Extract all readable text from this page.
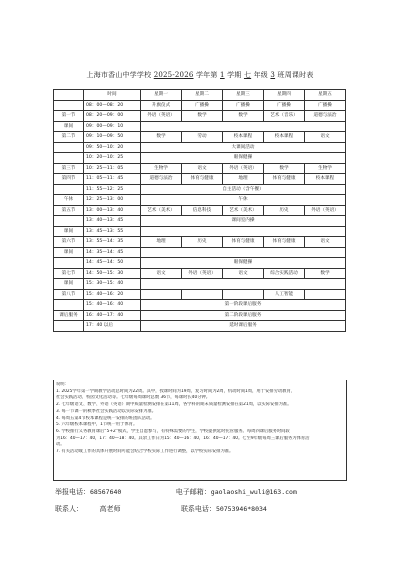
上海市香山中学学校 2025-2026 学年第 1 学期 七 年级 3 班周课时表
	时间	星期一	星期二	星期三	星期四	星期五
	08：00—08：20	升旗仪式	广播操	广播操	广播操	广播操
第一节	08：20—09：00	外语（英语）	数学	数学	艺术（音乐）	道德与法治
课间	09：00—09：10					
第二节	09：10—09：50	数学	劳动	校本课程	校本课程	语文
	09：50—10：20	大课间活动				
	10：20—10：25	眼保健操				
第三节	10：25—11：05	生物学	语文	外语（英语）	数学	生物学
第四节	11：05—11：45	道德与法治	体育与健康	地理	体育与健康	校本课程
	11：55—12：25	自主活动（含午餐）				
午休	12：25—13：00	午休				
第五节	13：00—13：40	艺术（美术）	信息科技	艺术（美术）	历史	外语（英语）
	13：40—13：45	课间室内操				
课间	13：45—13：55					
第六节	13：55—14：35	地理	历史	体育与健康	体育与健康	语文
课间	14：35—14：45					
	14：45—14：50	眼保健操				
第七节	14：50—15：30	语文	外语（英语）	语文	综合实践活动	数学
课间	15：30—15：40					
第八节	15：40—16：20				人工智能	
	15：40—16：40	第一阶段课后服务				
课后服务	16：40—17：40	第二阶段课后服务				
	17：40 以后	延时课后服务				
说明：
1. 2025学年第一学期教学活动总时间为22周。其中，授课时间为19周，复习时间为2周，机动时间1周，用于安排劳动教育、
社会实践活动、校园文化活动等。七年级每周课时总数 36节，每课时长40分钟。
2. 七年级语文、数学、外语（英语）期中质量检测安排在第11周，各学科的期末质量检测安排在第21周，以实际安排为准。
3. 每一节课一的秋季社会实践活动以实际安排为准。
4. 每周五第4节校本课程是统一安排的班团队活动。
5. 六年级校本课程中，1节统一用于体育。
6. 学校推行义务教育课后“5+2”模式，学生自愿参与，有特殊需要的学生，学校提供延时托管服务。每周四课后服务时间段
为16：40—17：40，17：40—18：40。其余工作日为15：40—16：40，16：40—17：40。七至9年级每周三课后服务为体育活
动。
7. 有关活动或工作的具体开展时间可能会结合学校实际工作进行调整，以学校实际安排为准。
举报电话：68567640	电子邮箱：gaolaoshi_wuli@163.com
联系人： 高老师	联系电话：50753946*8034
